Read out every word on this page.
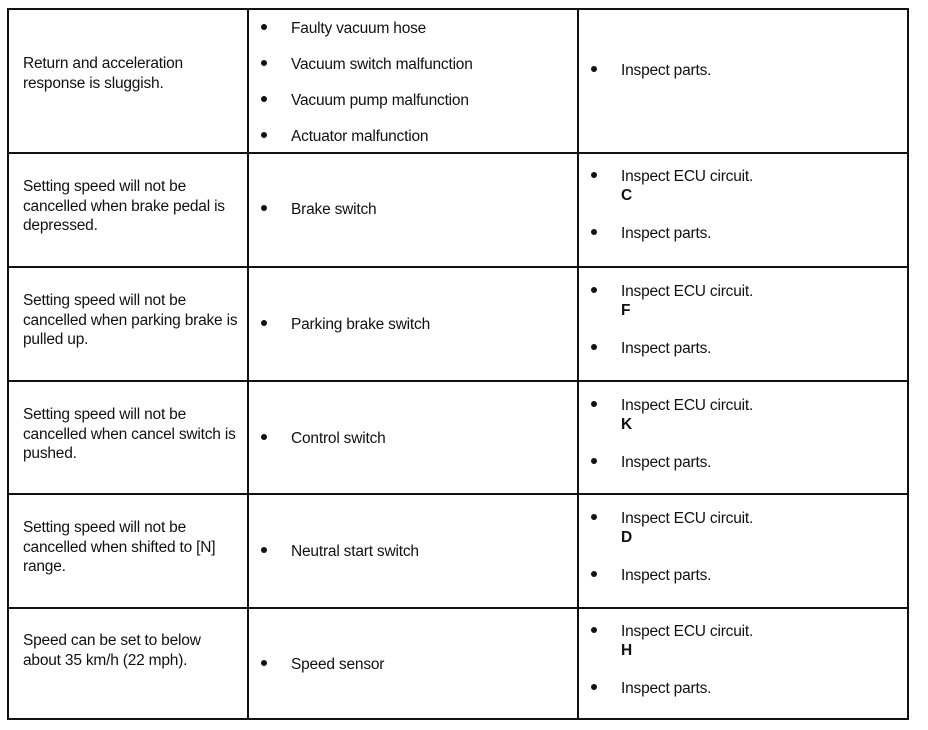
Return and acceleration response is sluggish.
Faulty vacuum hose
Vacuum switch malfunction
Vacuum pump malfunction
Actuator malfunction
Inspect parts.
Setting speed will not be cancelled when brake pedal is depressed.
Brake switch
Inspect ECU circuit.
C
Inspect parts.
Setting speed will not be cancelled when parking brake is pulled up.
Parking brake switch
Inspect ECU circuit.
F
Inspect parts.
Setting speed will not be cancelled when cancel switch is pushed.
Control switch
Inspect ECU circuit.
K
Inspect parts.
Setting speed will not be cancelled when shifted to [N] range.
Neutral start switch
Inspect ECU circuit.
D
Inspect parts.
Speed can be set to below about 35 km/h (22 mph).	Speed sensor
Inspect ECU circuit.
H
Inspect parts.
